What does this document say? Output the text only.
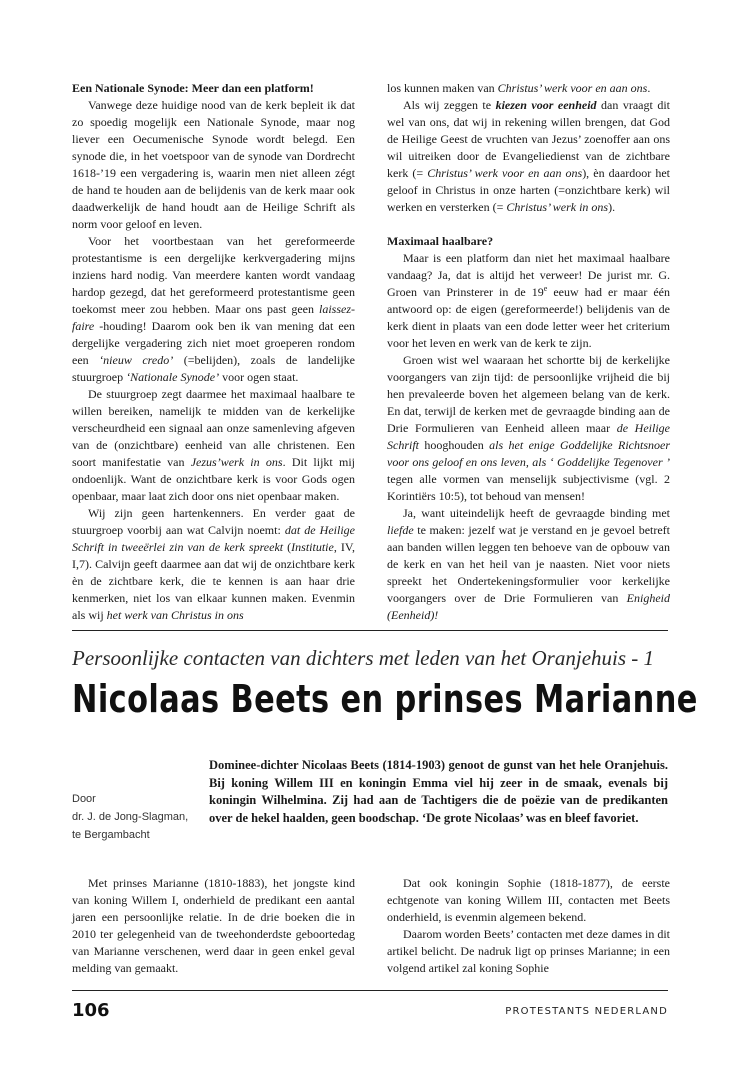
Een Nationale Synode: Meer dan een platform!

Vanwege deze huidige nood van de kerk bepleit ik dat zo spoedig mogelijk een Nationale Synode, maar nog liever een Oecumenische Synode wordt belegd. Een synode die, in het voetspoor van de synode van Dordrecht 1618-’19 een vergadering is, waarin men niet alleen zégt de hand te houden aan de belijdenis van de kerk maar ook daadwerkelijk de hand houdt aan de Heilige Schrift als norm voor geloof en leven.

Voor het voortbestaan van het gereformeerde protestantisme is een dergelijke kerkvergadering mijns inziens hard nodig. Van meerdere kanten wordt vandaag hardop gezegd, dat het gereformeerd protestantisme geen toekomst meer zou hebben. Maar ons past geen laissez-faire -houding! Daarom ook ben ik van mening dat een dergelijke vergadering zich niet moet groeperen rondom een ‘nieuw credo’ (=belijden), zoals de landelijke stuurgroep ‘Nationale Synode’ voor ogen staat.

De stuurgroep zegt daarmee het maximaal haalbare te willen bereiken, namelijk te midden van de kerkelijke verscheurdheid een signaal aan onze samenleving afgeven van de (onzichtbare) eenheid van alle christenen. Een soort manifestatie van Jezus’werk in ons. Dit lijkt mij ondoenlijk. Want de onzichtbare kerk is voor Gods ogen openbaar, maar laat zich door ons niet openbaar maken.

Wij zijn geen hartenkenners. En verder gaat de stuurgroep voorbij aan wat Calvijn noemt: dat de Heilige Schrift in tweeërlei zin van de kerk spreekt (Institutie, IV, I,7). Calvijn geeft daarmee aan dat wij de onzichtbare kerk èn de zichtbare kerk, die te kennen is aan haar drie kenmerken, niet los van elkaar kunnen maken. Evenmin als wij het werk van Christus in ons

los kunnen maken van Christus’ werk voor en aan ons.

Als wij zeggen te kiezen voor eenheid dan vraagt dit wel van ons, dat wij in rekening willen brengen, dat God de Heilige Geest de vruchten van Jezus’ zoenoffer aan ons wil uitreiken door de Evangeliedienst van de zichtbare kerk (= Christus’ werk voor en aan ons), èn daardoor het geloof in Christus in onze harten (=onzichtbare kerk) wil werken en versterken (= Christus’ werk in ons).

Maximaal haalbare?

Maar is een platform dan niet het maximaal haalbare vandaag? Ja, dat is altijd het verweer! De jurist mr. G. Groen van Prinsterer in de 19e eeuw had er maar één antwoord op: de eigen (gereformeerde!) belijdenis van de kerk dient in plaats van een dode letter weer het criterium voor het leven en werk van de kerk te zijn.

Groen wist wel waaraan het schortte bij de kerkelijke voorgangers van zijn tijd: de persoonlijke vrijheid die bij hen prevaleerde boven het algemeen belang van de kerk. En dat, terwijl de kerken met de gevraagde binding aan de Drie Formulieren van Eenheid alleen maar de Heilige Schrift hooghouden als het enige Goddelijke Richtsnoer voor ons geloof en ons leven, als ‘ Goddelijke Tegenover ’ tegen alle vormen van menselijk subjectivisme (vgl. 2 Korintiërs 10:5), tot behoud van mensen!

Ja, want uiteindelijk heeft de gevraagde binding met liefde te maken: jezelf wat je verstand en je gevoel betreft aan banden willen leggen ten behoeve van de opbouw van de kerk en van het heil van je naasten. Niet voor niets spreekt het Ondertekeningsformulier voor kerkelijke voorgangers over de Drie Formulieren van Enigheid (Eenheid)!

Persoonlijke contacten van dichters met leden van het Oranjehuis - 1
Nicolaas Beets en prinses Marianne
Door
dr. J. de Jong-Slagman,
te Bergambacht
Dominee-dichter Nicolaas Beets (1814-1903) genoot de gunst van het hele Oranjehuis. Bij koning Willem III en koningin Emma viel hij zeer in de smaak, evenals bij koningin Wilhelmina. Zij had aan de Tachtigers die de poëzie van de predikanten over de hekel haalden, geen boodschap. ‘De grote Nicolaas’ was en bleef favoriet.

Met prinses Marianne (1810-1883), het jongste kind van koning Willem I, onderhield de predikant een aantal jaren een persoonlijke relatie. In de drie boeken die in 2010 ter gelegenheid van de tweehonderdste geboortedag van Marianne verschenen, werd daar in geen enkel geval melding van gemaakt.

Dat ook koningin Sophie (1818-1877), de eerste echtgenote van koning Willem III, contacten met Beets onderhield, is evenmin algemeen bekend.

Daarom worden Beets’ contacten met deze dames in dit artikel belicht. De nadruk ligt op prinses Marianne; in een volgend artikel zal koning Sophie

106	PROTESTANTS NEDERLAND
